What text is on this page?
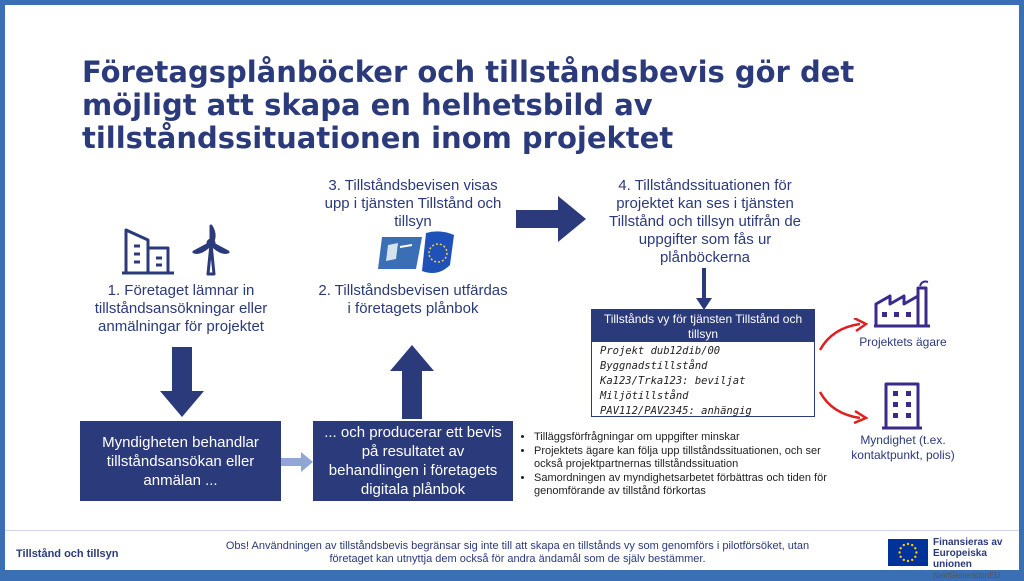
Företagsplånböcker och tillståndsbevis gör det möjligt att skapa en helhetsbild av tillståndssituationen inom projektet
1. Företaget lämnar in tillståndsansökningar eller anmälningar för projektet
Myndigheten behandlar tillståndsansökan eller anmälan ...
... och producerar ett bevis på resultatet av behandlingen i företagets digitala plånbok
2. Tillståndsbevisen utfärdas i företagets plånbok
3. Tillståndsbevisen visas upp i tjänsten Tillstånd och tillsyn
4. Tillståndssituationen för projektet kan ses i tjänsten Tillstånd och tillsyn utifrån de uppgifter som fås ur plånböckerna
Tillstånds vy för tjänsten Tillstånd och tillsyn
Projekt dub12dib/00
Byggnadstillstånd
Ka123/Trka123: beviljat
Miljötillstånd
PAV112/PAV2345: anhängig
Projektets ägare
Myndighet (t.ex. kontaktpunkt, polis)
• Tilläggsförfrågningar om uppgifter minskar
• Projektets ägare kan följa upp tillståndssituationen, och ser också projektpartnernas tillståndssituation
• Samordningen av myndighetsarbetet förbättras och tiden för genomförande av tillstånd förkortas
Tillstånd och tillsyn
Obs! Användningen av tillståndsbevis begränsar sig inte till att skapa en tillstånds vy som genomförs i pilotförsöket, utan företaget kan utnyttja dem också för andra ändamål som de själv bestämmer.
Finansieras av
Europeiska unionen
NextGenerationEU
